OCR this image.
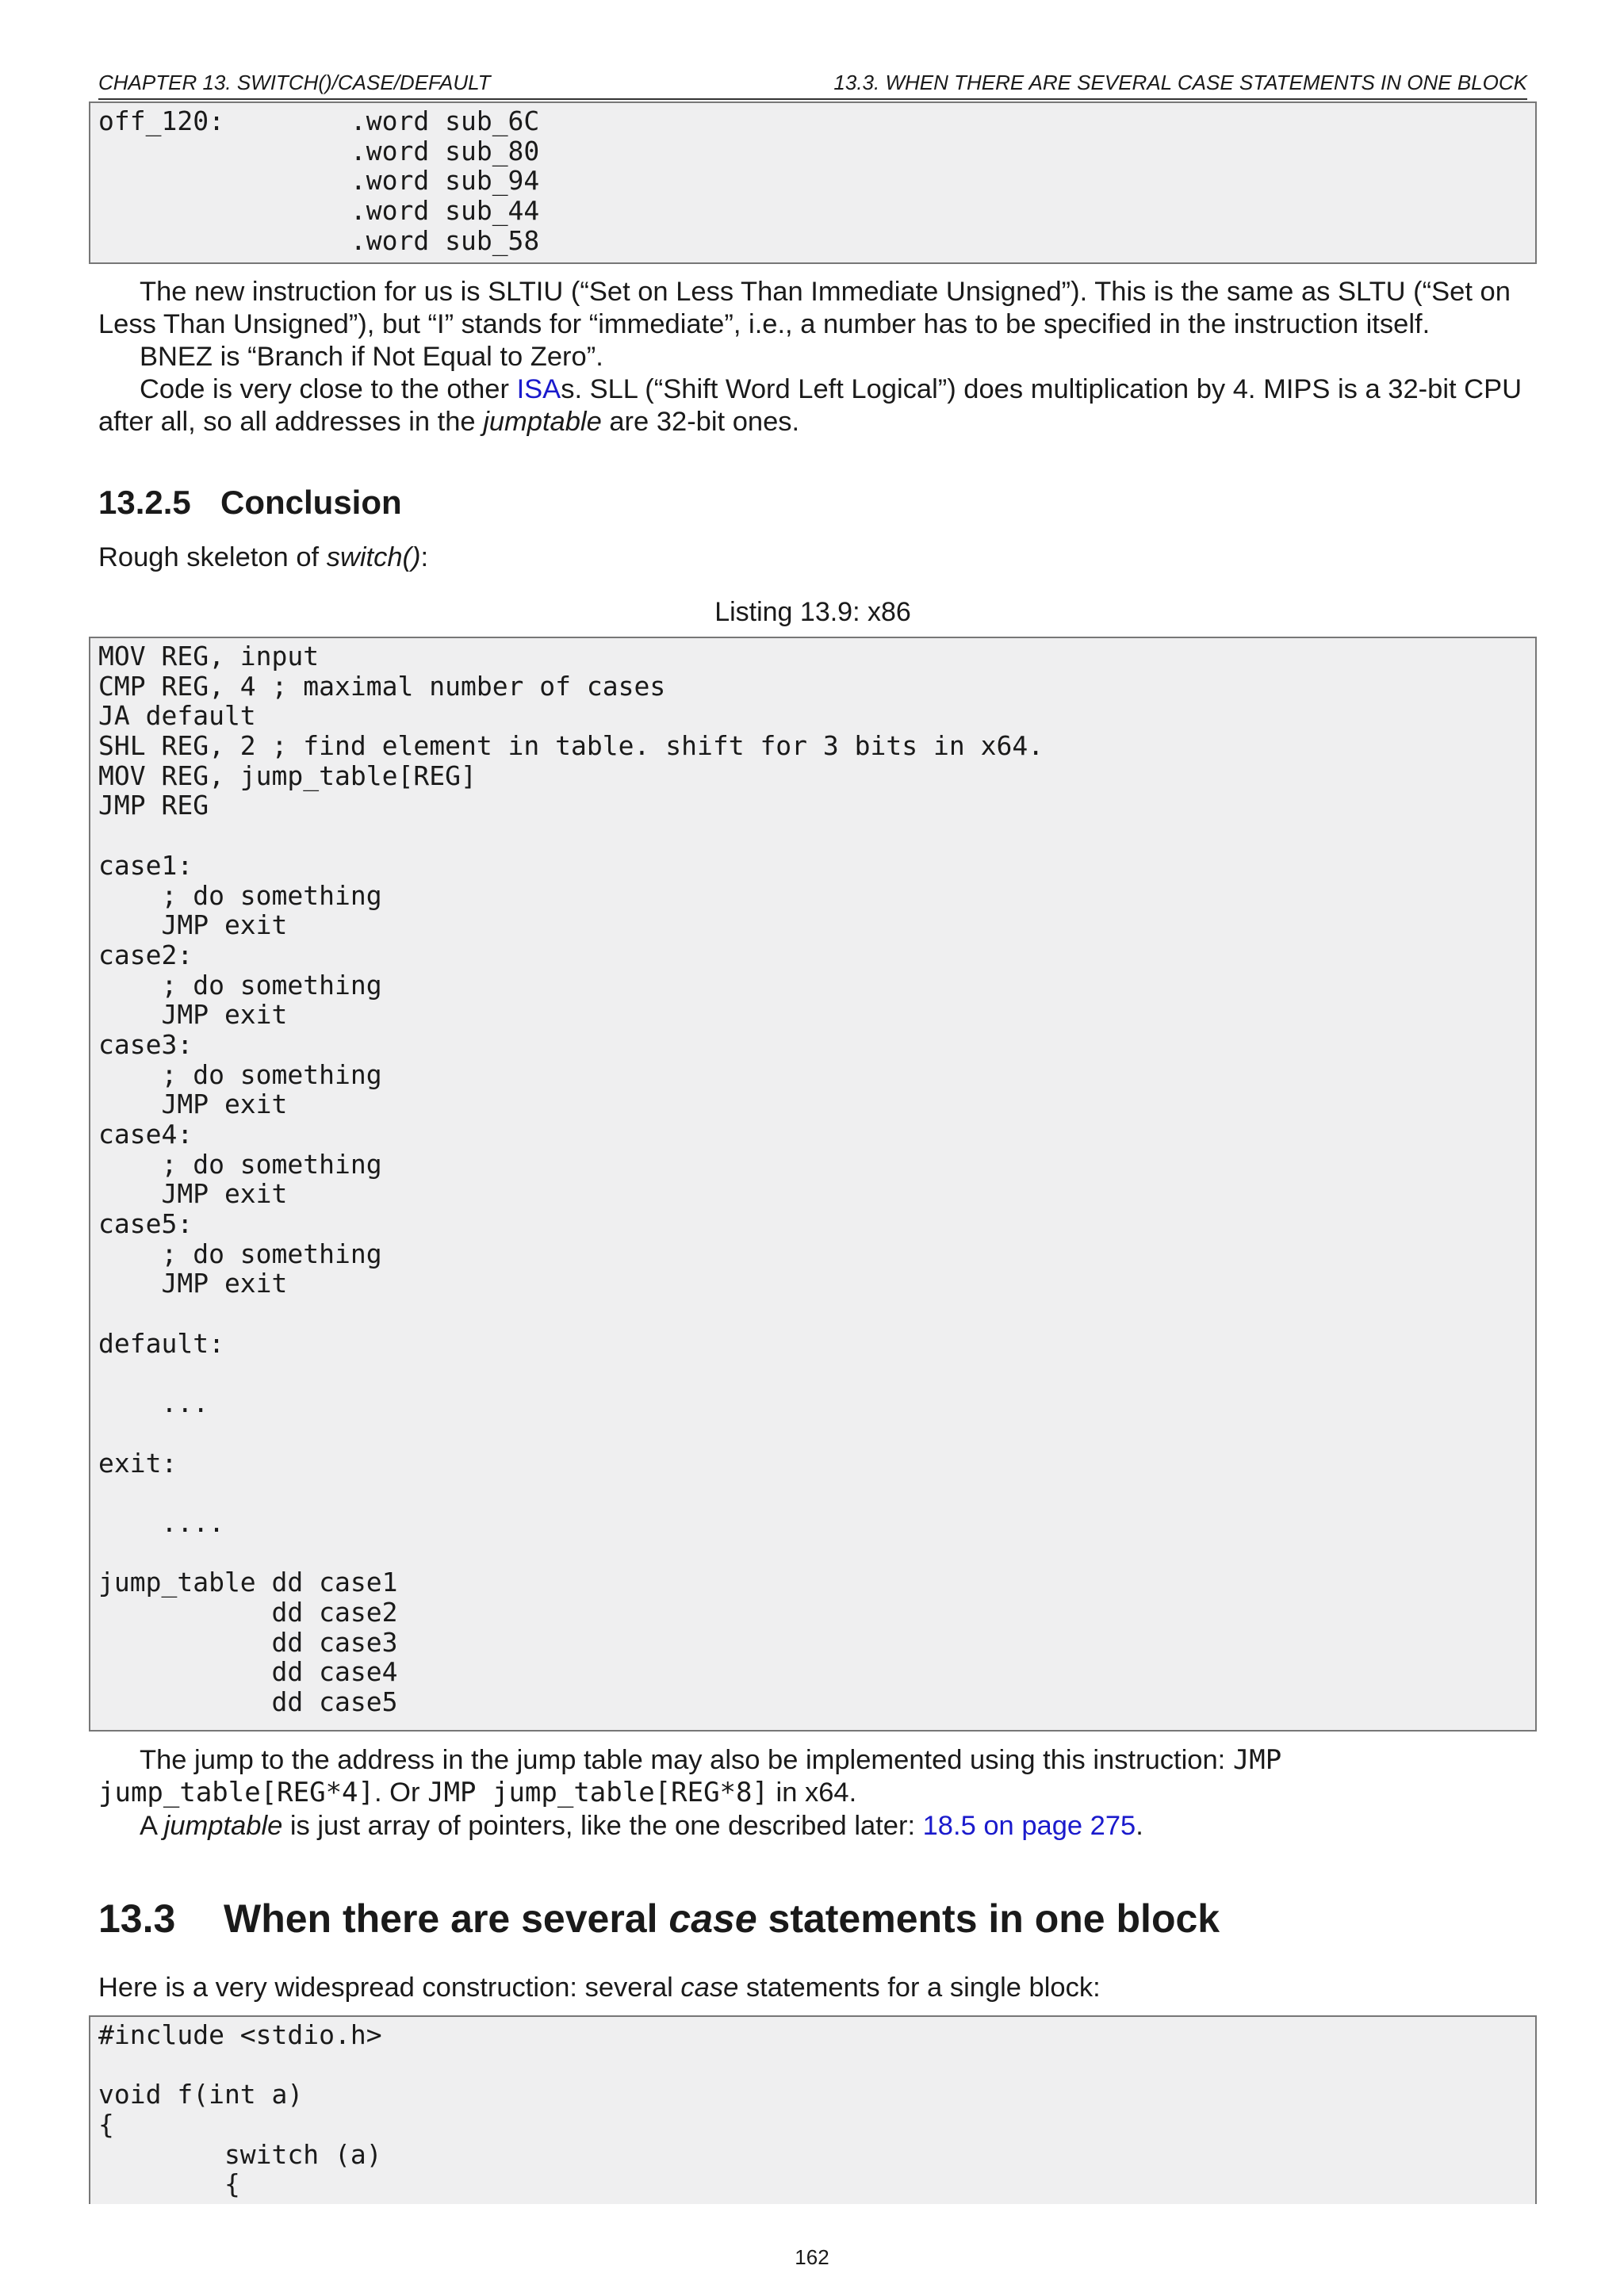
CHAPTER 13. SWITCH()/CASE/DEFAULT	13.3. WHEN THERE ARE SEVERAL CASE STATEMENTS IN ONE BLOCK
off_120:        .word sub_6C
.word sub_80
.word sub_94
.word sub_44
.word sub_58

The new instruction for us is SLTIU (“Set on Less Than Immediate Unsigned”). This is the same as SLTU (“Set on Less Than Unsigned”), but “I” stands for “immediate”, i.e., a number has to be specified in the instruction itself.

BNEZ is “Branch if Not Equal to Zero”.

Code is very close to the other ISAs. SLL (“Shift Word Left Logical”) does multiplication by 4. MIPS is a 32-bit CPU after all, so all addresses in the jumptable are 32-bit ones.

13.2.5 Conclusion

Rough skeleton of switch():

Listing 13.9: x86

MOV REG, input
CMP REG, 4 ; maximal number of cases
JA default
SHL REG, 2 ; find element in table. shift for 3 bits in x64.
MOV REG, jump_table[REG]
JMP REG
case1:
; do something
JMP exit
case2:
; do something
JMP exit
case3:
; do something
JMP exit
case4:
; do something
JMP exit
case5:
; do something
JMP exit
default:
...
exit:
....
jump_table dd case1
dd case2
dd case3
dd case4
dd case5

The jump to the address in the jump table may also be implemented using this instruction: JMP jump_table[REG*4]. Or JMP jump_table[REG*8] in x64.

A jumptable is just array of pointers, like the one described later: 18.5 on page 275.

13.3 When there are several case statements in one block

Here is a very widespread construction: several case statements for a single block:

#include <stdio.h>
void f(int a)
{
switch (a)
{
162
